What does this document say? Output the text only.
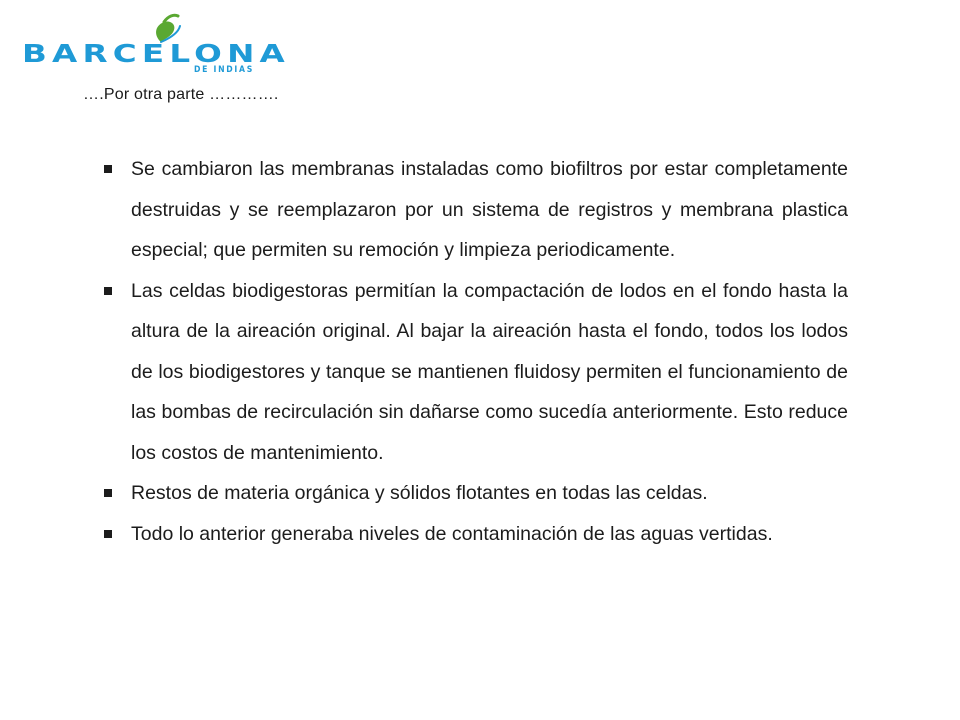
BARCELONA
DE INDIAS
….Por otra parte ………….
Se cambiaron las membranas instaladas como biofiltros por estar completamente destruidas y se reemplazaron por un sistema de registros y membrana plastica especial; que permiten su remoción y limpieza periodicamente.
Las celdas biodigestoras permitían la compactación de lodos en el fondo hasta la altura de la aireación original. Al bajar la aireación hasta el fondo, todos los lodos de los biodigestores y tanque se mantienen fluidosy permiten el funcionamiento de las bombas de recirculación sin dañarse como sucedía anteriormente. Esto reduce los costos de mantenimiento.
Restos de materia orgánica y sólidos flotantes en todas las celdas.
Todo lo anterior generaba niveles de contaminación de las aguas vertidas.
